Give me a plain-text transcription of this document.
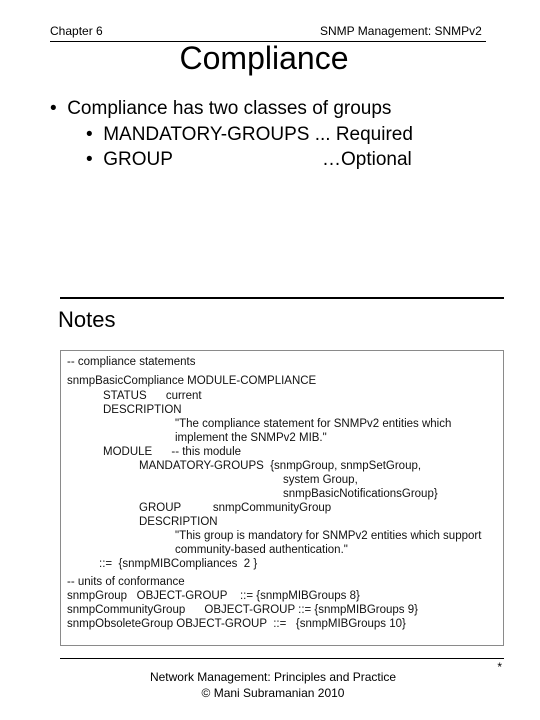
Chapter 6	SNMP Management: SNMPv2
Compliance
•  Compliance has two classes of groups
•  MANDATORY-GROUPS ... Required
•  GROUP	…Optional
Notes
-- compliance statements
snmpBasicCompliance MODULE-COMPLIANCE
STATUS      current
DESCRIPTION
"The compliance statement for SNMPv2 entities which
implement the SNMPv2 MIB."
MODULE      -- this module
MANDATORY-GROUPS  {snmpGroup, snmpSetGroup,
system Group,
snmpBasicNotificationsGroup}
GROUP          snmpCommunityGroup
DESCRIPTION
"This group is mandatory for SNMPv2 entities which support
community-based authentication."
::=  {snmpMIBCompliances  2 }
-- units of conformance
snmpGroup   OBJECT-GROUP    ::= {snmpMIBGroups 8}
snmpCommunityGroup      OBJECT-GROUP ::= {snmpMIBGroups 9}
snmpObsoleteGroup OBJECT-GROUP  ::=   {snmpMIBGroups 10}
Network Management: Principles and Practice
© Mani Subramanian 2010
*
